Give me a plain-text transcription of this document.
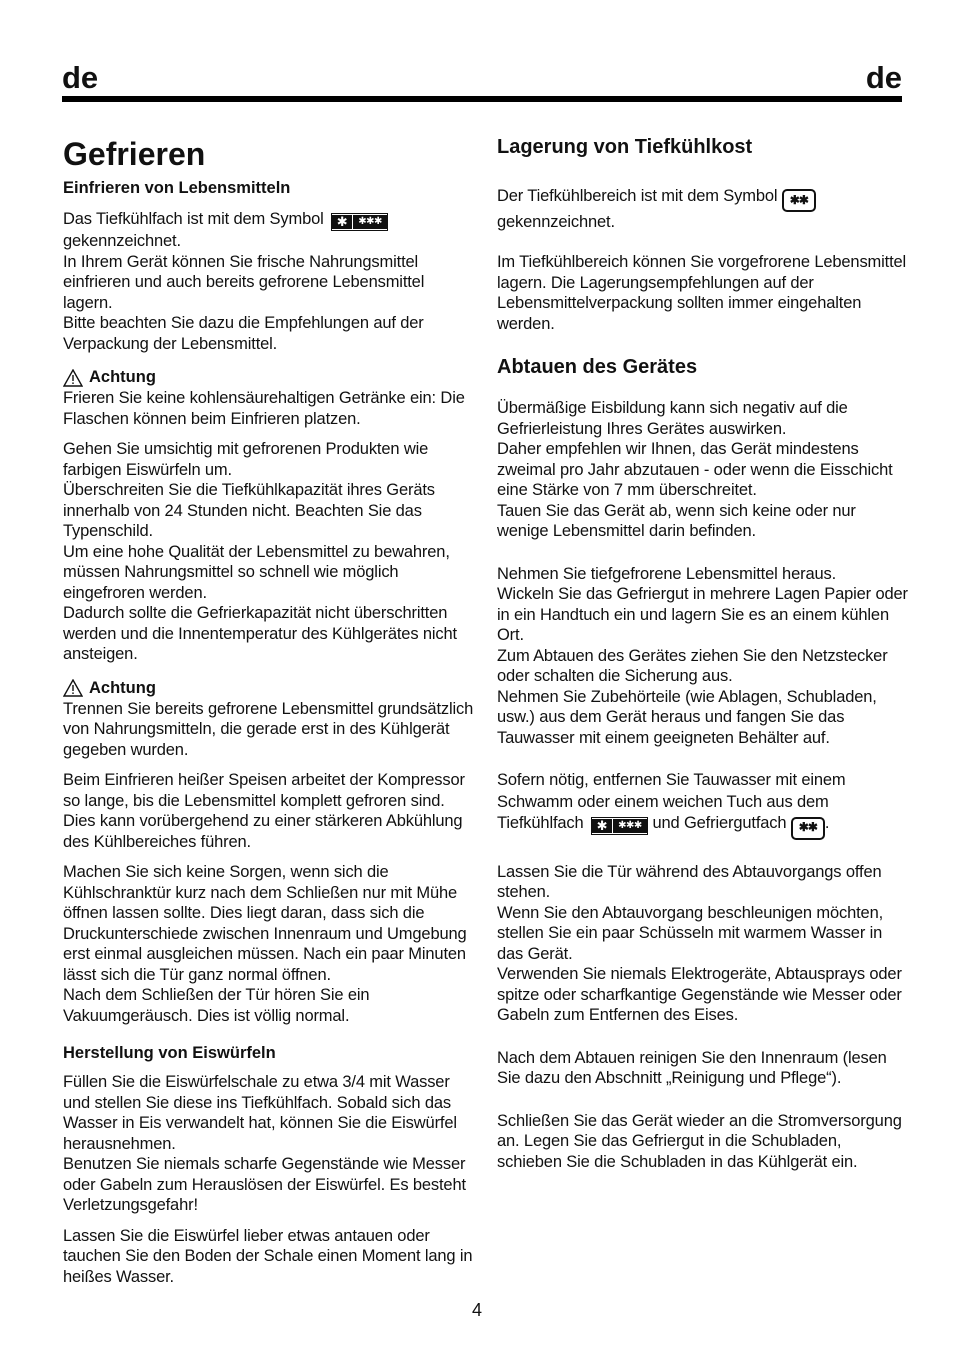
de	de
Gefrieren
Einfrieren von Lebensmitteln

Das Tiefkühlfach ist mit dem Symbol	✱	✱✱✱

gekennzeichnet.
In Ihrem Gerät können Sie frische Nahrungsmittel einfrieren und auch bereits gefrorene Lebensmittel lagern.
Bitte beachten Sie dazu die Empfehlungen auf der Verpackung der Lebensmittel.

Achtung

Frieren Sie keine kohlensäurehaltigen Getränke ein: Die Flaschen können beim Einfrieren platzen.

Gehen Sie umsichtig mit gefrorenen Produkten wie farbigen Eiswürfeln um.
Überschreiten Sie die Tiefkühlkapazität ihres Geräts innerhalb von 24 Stunden nicht. Beachten Sie das Typenschild.
Um eine hohe Qualität der Lebensmittel zu bewahren, müssen Nahrungsmittel so schnell wie möglich eingefroren werden.
Dadurch sollte die Gefrierkapazität nicht überschritten werden und die Innentemperatur des Kühlgerätes nicht ansteigen.

Achtung

Trennen Sie bereits gefrorene Lebensmittel grundsätzlich von Nahrungsmitteln, die gerade erst in des Kühlgerät gegeben wurden.

Beim Einfrieren heißer Speisen arbeitet der Kompressor so lange, bis die Lebensmittel komplett gefroren sind. Dies kann vorübergehend zu einer stärkeren Abkühlung des Kühlbereiches führen.

Machen Sie sich keine Sorgen, wenn sich die Kühlschranktür kurz nach dem Schließen nur mit Mühe öffnen lassen sollte. Dies liegt daran, dass sich die Druckunterschiede zwischen Innenraum und Umgebung erst einmal ausgleichen müssen. Nach ein paar Minuten lässt sich die Tür ganz normal öffnen.
Nach dem Schließen der Tür hören Sie ein Vakuumgeräusch. Dies ist völlig normal.

Herstellung von Eiswürfeln

Füllen Sie die Eiswürfelschale zu etwa 3/4 mit Wasser und stellen Sie diese ins Tiefkühlfach. Sobald sich das Wasser in Eis verwandelt hat, können Sie die Eiswürfel herausnehmen.
Benutzen Sie niemals scharfe Gegenstände wie Messer oder Gabeln zum Herauslösen der Eiswürfel. Es besteht Verletzungsgefahr!

Lassen Sie die Eiswürfel lieber etwas antauen oder tauchen Sie den Boden der Schale einen Moment lang in heißes Wasser.

Lagerung von Tiefkühlkost

Der Tiefkühlbereich ist mit dem Symbol ✱✱
gekennzeichnet.

Im Tiefkühlbereich können Sie vorgefrorene Lebensmittel lagern. Die Lagerungsempfehlungen auf der Lebensmittelverpackung sollten immer eingehalten werden.

Abtauen des Gerätes

Übermäßige Eisbildung kann sich negativ auf die Gefrierleistung Ihres Gerätes auswirken.
Daher empfehlen wir Ihnen, das Gerät mindestens zweimal pro Jahr abzutauen - oder wenn die Eisschicht eine Stärke von 7 mm überschreitet.
Tauen Sie das Gerät ab, wenn sich keine oder nur wenige Lebensmittel darin befinden.

Nehmen Sie tiefgefrorene Lebensmittel heraus.
Wickeln Sie das Gefriergut in mehrere Lagen Papier oder in ein Handtuch ein und lagern Sie es an einem kühlen Ort.
Zum Abtauen des Gerätes ziehen Sie den Netzstecker oder schalten die Sicherung aus.
Nehmen Sie Zubehörteile (wie Ablagen, Schubladen, usw.) aus dem Gerät heraus und fangen Sie das Tauwasser mit einem geeigneten Behälter auf.

Sofern nötig, entfernen Sie Tauwasser mit einem Schwamm oder einem weichen Tuch aus dem Tiefkühlfach	✱	✱✱✱ und Gefriergutfach ✱✱ .

Lassen Sie die Tür während des Abtauvorgangs offen stehen.
Wenn Sie den Abtauvorgang beschleunigen möchten, stellen Sie ein paar Schüsseln mit warmem Wasser in das Gerät.
Verwenden Sie niemals Elektrogeräte, Abtausprays oder spitze oder scharfkantige Gegenstände wie Messer oder Gabeln zum Entfernen des Eises.

Nach dem Abtauen reinigen Sie den Innenraum (lesen Sie dazu den Abschnitt „Reinigung und Pflege“).

Schließen Sie das Gerät wieder an die Stromversorgung an. Legen Sie das Gefriergut in die Schubladen, schieben Sie die Schubladen in das Kühlgerät ein.

4
